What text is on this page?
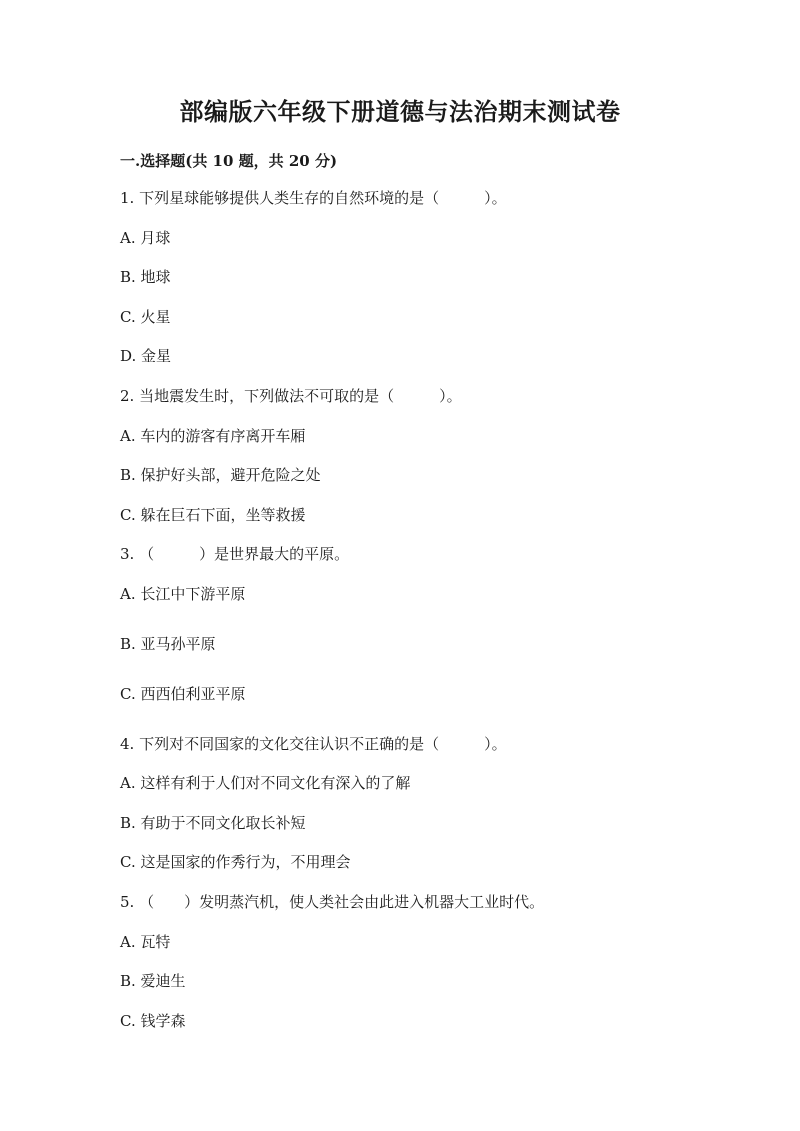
部编版六年级下册道德与法治期末测试卷
一.选择题(共 10 题，共 20 分)
1. 下列星球能够提供人类生存的自然环境的是（　　　）。
A. 月球
B. 地球
C. 火星
D. 金星
2. 当地震发生时，下列做法不可取的是（　　　）。
A. 车内的游客有序离开车厢
B. 保护好头部，避开危险之处
C. 躲在巨石下面，坐等救援
3. （　　　）是世界最大的平原。
A. 长江中下游平原
B. 亚马孙平原
C. 西西伯利亚平原
4. 下列对不同国家的文化交往认识不正确的是（　　　）。
A. 这样有利于人们对不同文化有深入的了解
B. 有助于不同文化取长补短
C. 这是国家的作秀行为，不用理会
5. （　　）发明蒸汽机，使人类社会由此进入机器大工业时代。
A. 瓦特
B. 爱迪生
C. 钱学森
